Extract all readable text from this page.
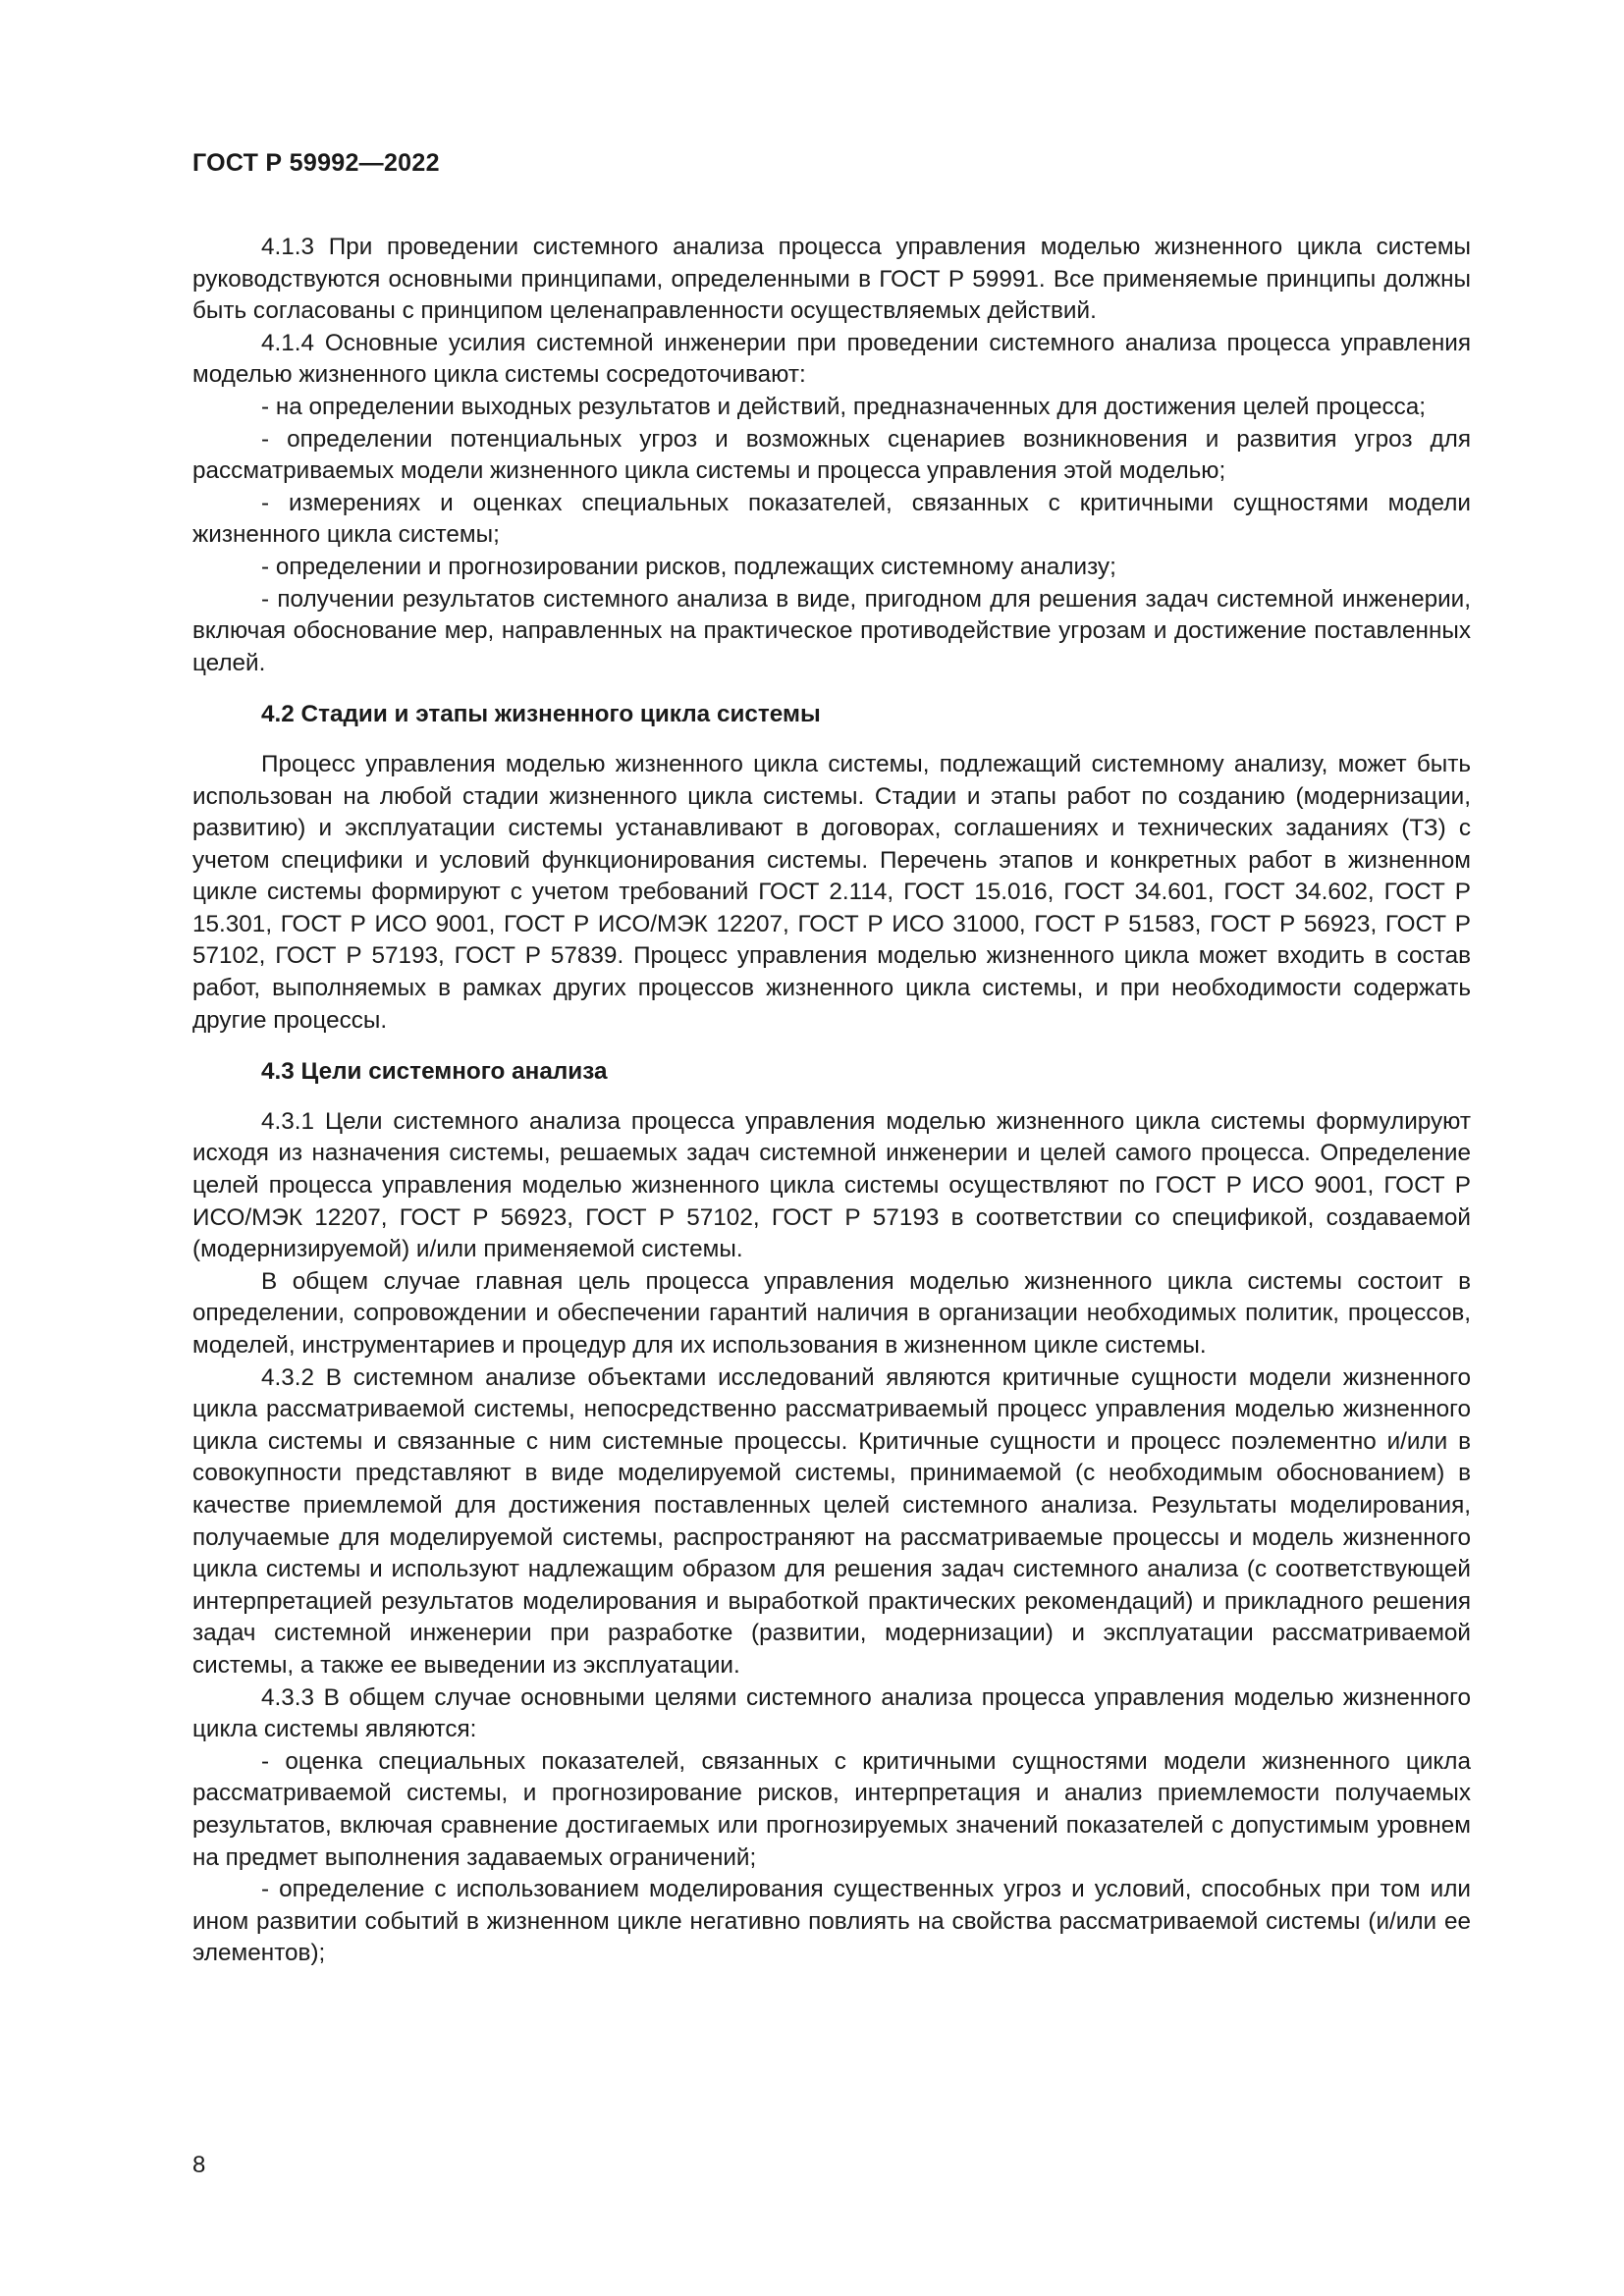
ГОСТ Р 59992—2022

4.1.3 При проведении системного анализа процесса управления моделью жизненного цикла системы руководствуются основными принципами, определенными в ГОСТ Р 59991. Все применяемые принципы должны быть согласованы с принципом целенаправленности осуществляемых действий.

4.1.4 Основные усилия системной инженерии при проведении системного анализа процесса управления моделью жизненного цикла системы сосредоточивают:

- на определении выходных результатов и действий, предназначенных для достижения целей процесса;

- определении потенциальных угроз и возможных сценариев возникновения и развития угроз для рассматриваемых модели жизненного цикла системы и процесса управления этой моделью;

- измерениях и оценках специальных показателей, связанных с критичными сущностями модели жизненного цикла системы;

- определении и прогнозировании рисков, подлежащих системному анализу;

- получении результатов системного анализа в виде, пригодном для решения задач системной инженерии, включая обоснование мер, направленных на практическое противодействие угрозам и достижение поставленных целей.

4.2 Стадии и этапы жизненного цикла системы

Процесс управления моделью жизненного цикла системы, подлежащий системному анализу, может быть использован на любой стадии жизненного цикла системы. Стадии и этапы работ по созданию (модернизации, развитию) и эксплуатации системы устанавливают в договорах, соглашениях и технических заданиях (ТЗ) с учетом специфики и условий функционирования системы. Перечень этапов и конкретных работ в жизненном цикле системы формируют с учетом требований ГОСТ 2.114, ГОСТ 15.016, ГОСТ 34.601, ГОСТ 34.602, ГОСТ Р 15.301, ГОСТ Р ИСО 9001, ГОСТ Р ИСО/МЭК 12207, ГОСТ Р ИСО 31000, ГОСТ Р 51583, ГОСТ Р 56923, ГОСТ Р 57102, ГОСТ Р 57193, ГОСТ Р 57839. Процесс управления моделью жизненного цикла может входить в состав работ, выполняемых в рамках других процессов жизненного цикла системы, и при необходимости содержать другие процессы.

4.3 Цели системного анализа

4.3.1 Цели системного анализа процесса управления моделью жизненного цикла системы формулируют исходя из назначения системы, решаемых задач системной инженерии и целей самого процесса. Определение целей процесса управления моделью жизненного цикла системы осуществляют по ГОСТ Р ИСО 9001, ГОСТ Р ИСО/МЭК 12207, ГОСТ Р 56923, ГОСТ Р 57102, ГОСТ Р 57193 в соответствии со спецификой, создаваемой (модернизируемой) и/или применяемой системы.

В общем случае главная цель процесса управления моделью жизненного цикла системы состоит в определении, сопровождении и обеспечении гарантий наличия в организации необходимых политик, процессов, моделей, инструментариев и процедур для их использования в жизненном цикле системы.

4.3.2 В системном анализе объектами исследований являются критичные сущности модели жизненного цикла рассматриваемой системы, непосредственно рассматриваемый процесс управления моделью жизненного цикла системы и связанные с ним системные процессы. Критичные сущности и процесс поэлементно и/или в совокупности представляют в виде моделируемой системы, принимаемой (с необходимым обоснованием) в качестве приемлемой для достижения поставленных целей системного анализа. Результаты моделирования, получаемые для моделируемой системы, распространяют на рассматриваемые процессы и модель жизненного цикла системы и используют надлежащим образом для решения задач системного анализа (с соответствующей интерпретацией результатов моделирования и выработкой практических рекомендаций) и прикладного решения задач системной инженерии при разработке (развитии, модернизации) и эксплуатации рассматриваемой системы, а также ее выведении из эксплуатации.

4.3.3 В общем случае основными целями системного анализа процесса управления моделью жизненного цикла системы являются:

- оценка специальных показателей, связанных с критичными сущностями модели жизненного цикла рассматриваемой системы, и прогнозирование рисков, интерпретация и анализ приемлемости получаемых результатов, включая сравнение достигаемых или прогнозируемых значений показателей с допустимым уровнем на предмет выполнения задаваемых ограничений;

- определение с использованием моделирования существенных угроз и условий, способных при том или ином развитии событий в жизненном цикле негативно повлиять на свойства рассматриваемой системы (и/или ее элементов);

8
